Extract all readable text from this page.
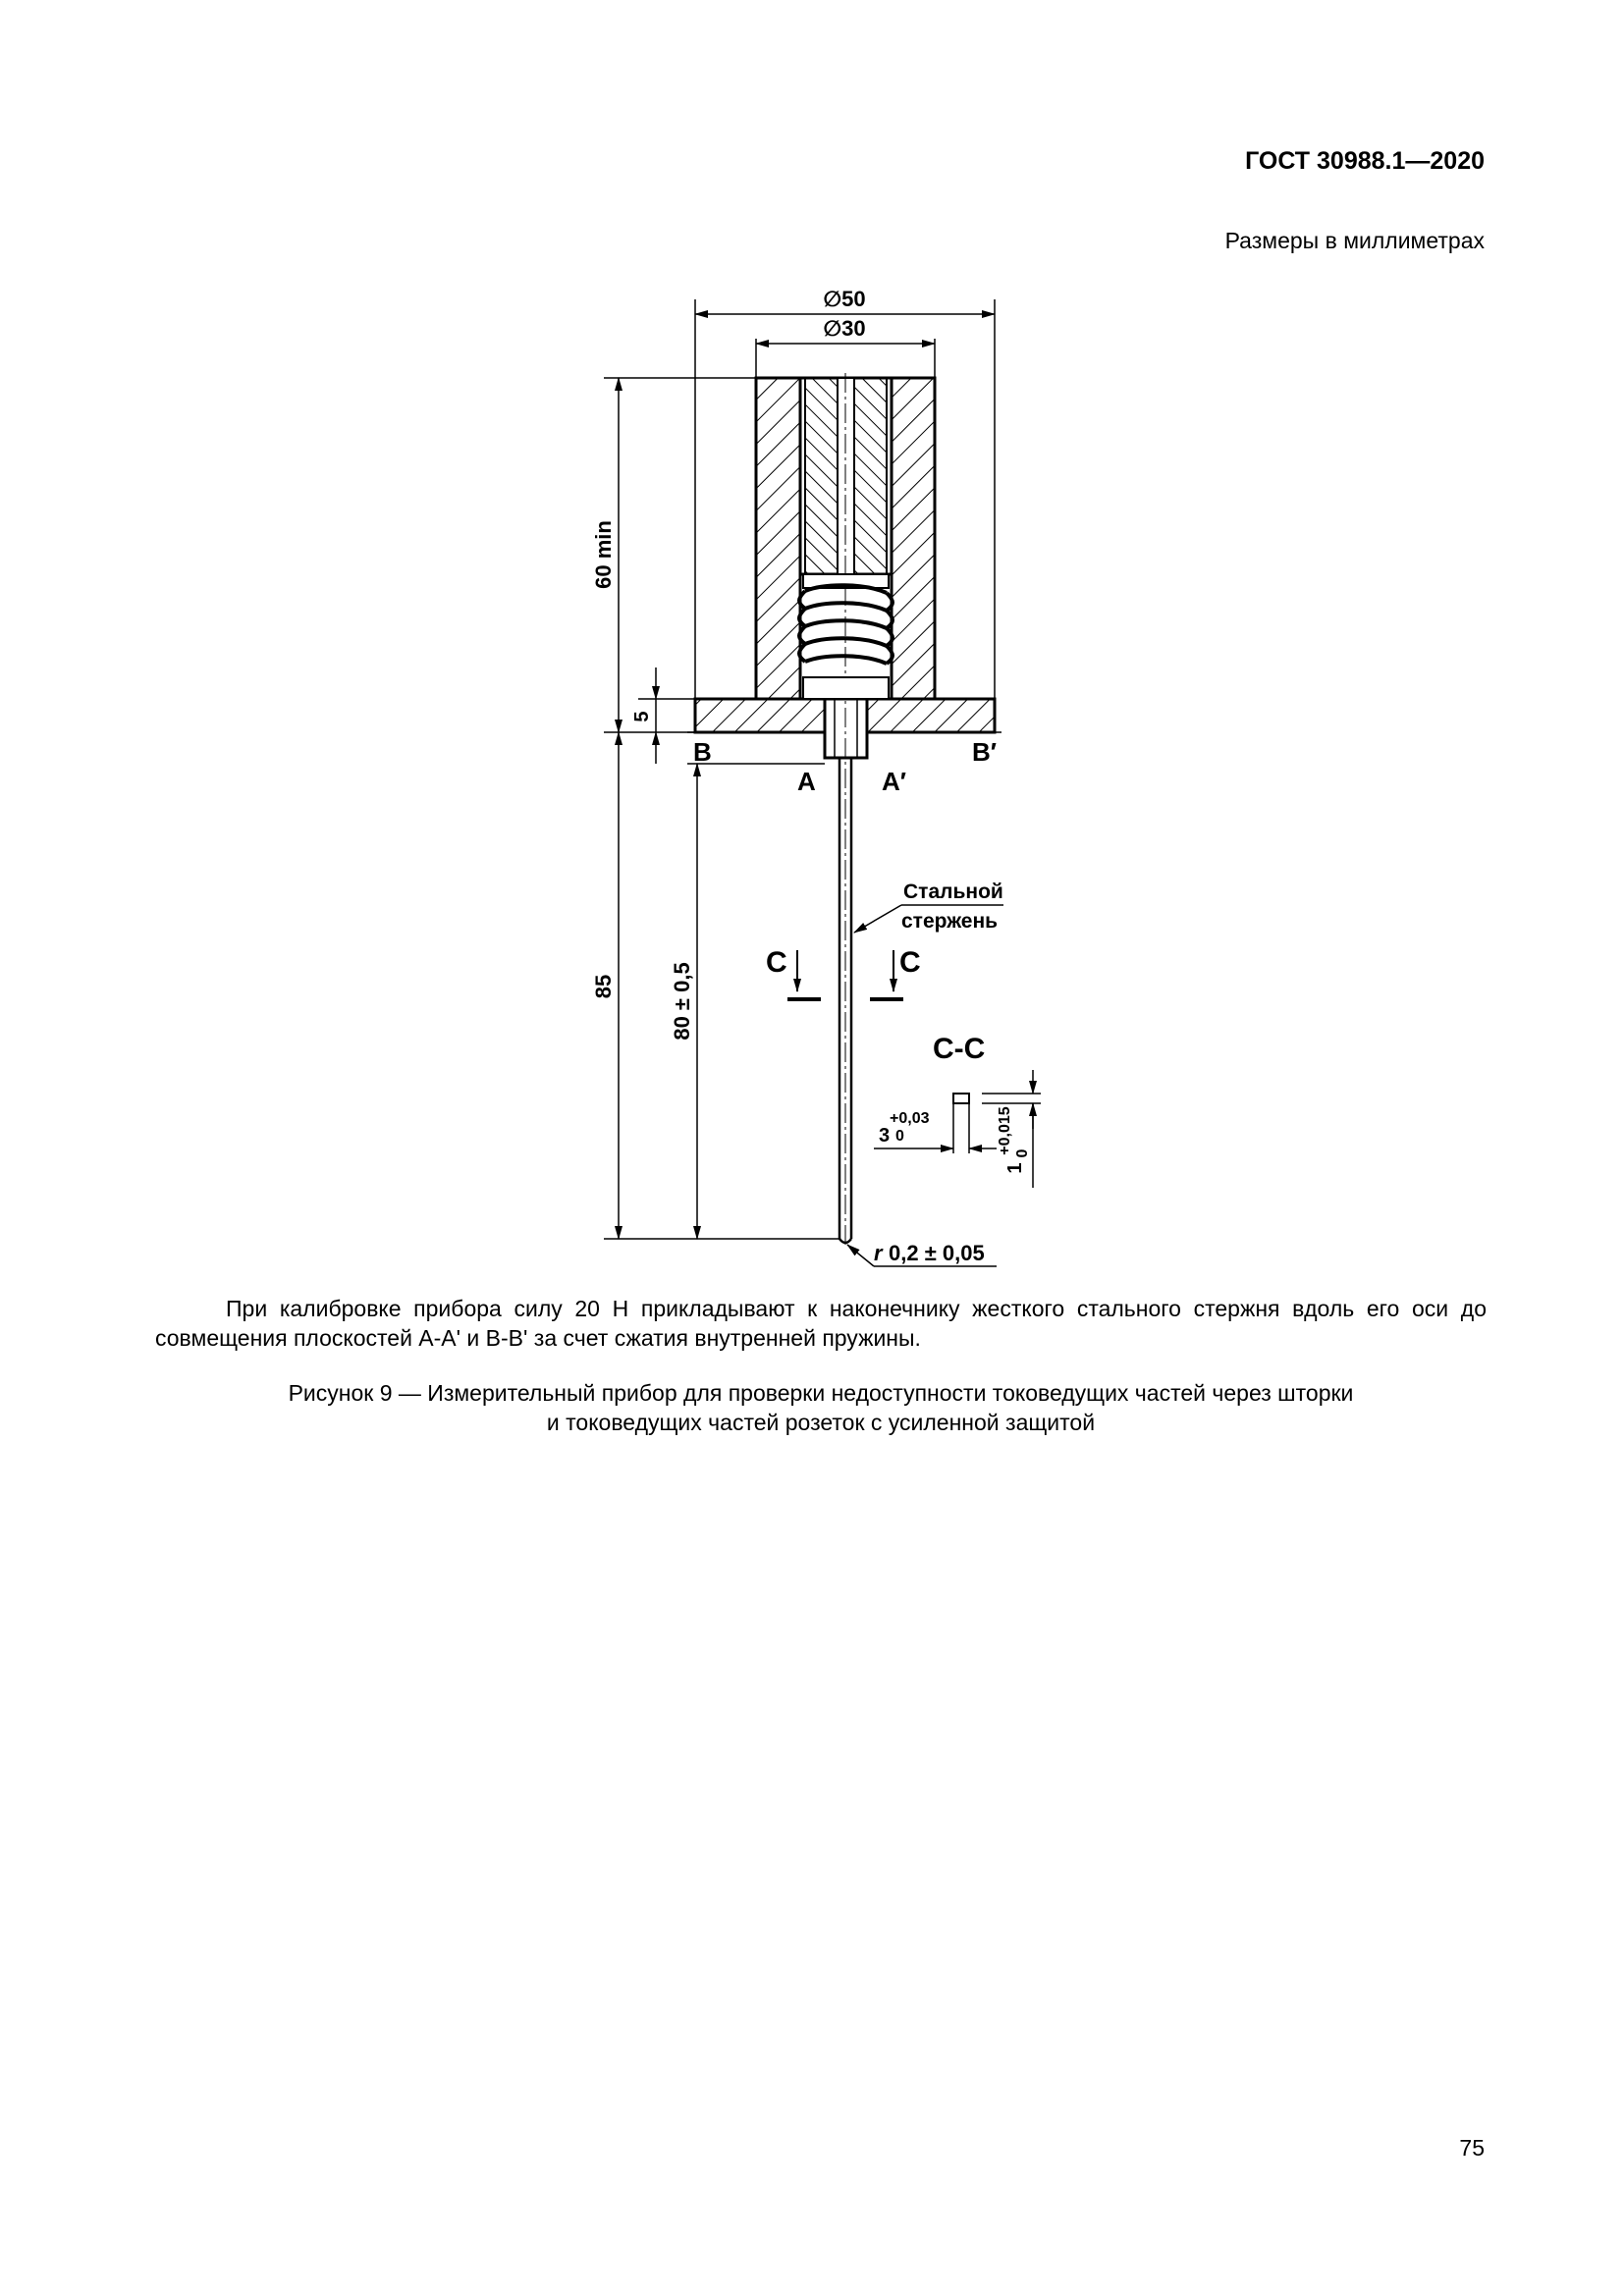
ГОСТ 30988.1—2020
Размеры в миллиметрах
∅50
∅30
60 min
5
85	80 ± 0,5
B	B′
A	A′
Стальной
стержень
C	C
C-C
3
+0,03
0
1
+0,015 0
r 0,2 ± 0,05
При калибровке прибора силу 20 Н прикладывают к наконечнику жесткого стального стержня вдоль его оси до совмещения плоскостей А-А' и В-В' за счет сжатия внутренней пружины.
Рисунок 9 — Измерительный прибор для проверки недоступности токоведущих частей через шторки
и токоведущих частей розеток с усиленной защитой
75
